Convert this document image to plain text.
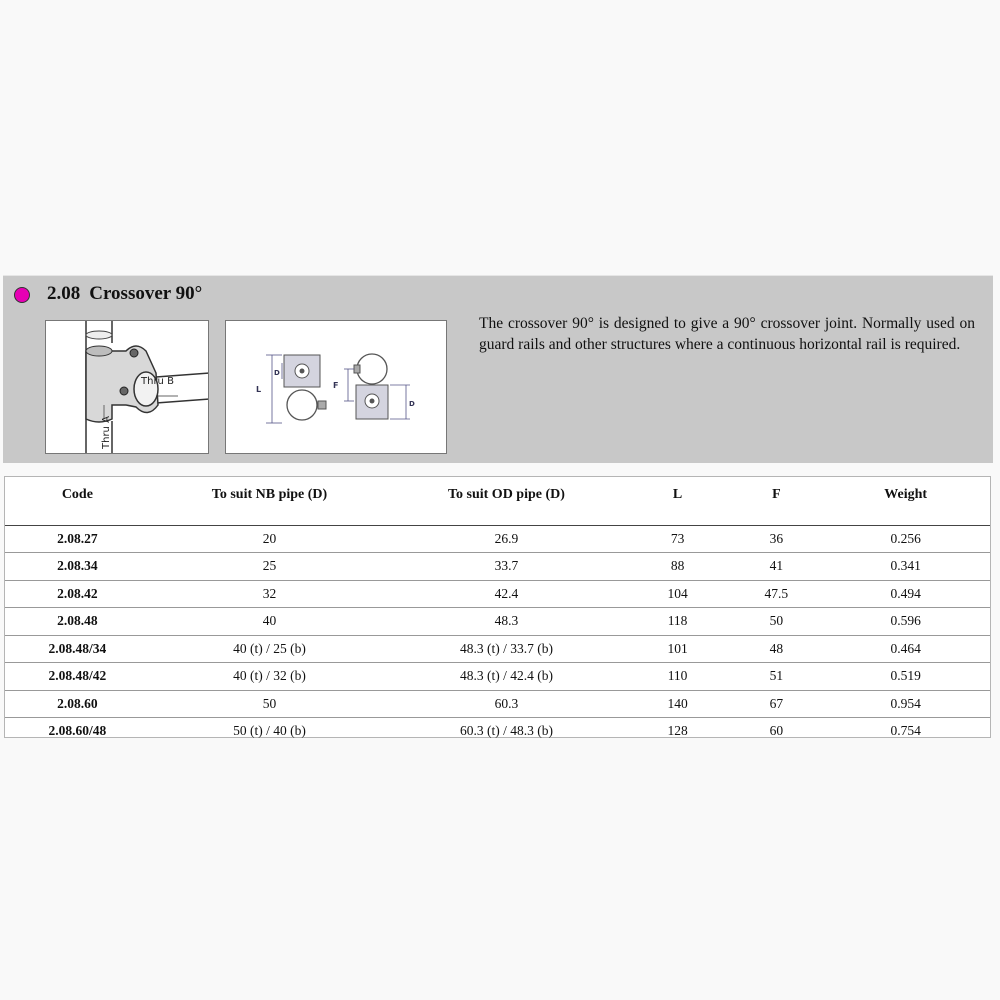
2.08 Crossover 90°
Thru B
Thru A
L
D
F
D

The crossover 90° is designed to give a 90° crossover joint. Normally used on guard rails and other structures where a continuous horizontal rail is required.

Code	To suit NB pipe (D)	To suit OD pipe (D)	L	F	Weight
2.08.27	20	26.9	73	36	0.256
2.08.34	25	33.7	88	41	0.341
2.08.42	32	42.4	104	47.5	0.494
2.08.48	40	48.3	118	50	0.596
2.08.48/34	40 (t) / 25 (b)	48.3 (t) / 33.7 (b)	101	48	0.464
2.08.48/42	40 (t) / 32 (b)	48.3 (t) / 42.4 (b)	110	51	0.519
2.08.60	50	60.3	140	67	0.954
2.08.60/48	50 (t) / 40 (b)	60.3 (t) / 48.3 (b)	128	60	0.754
